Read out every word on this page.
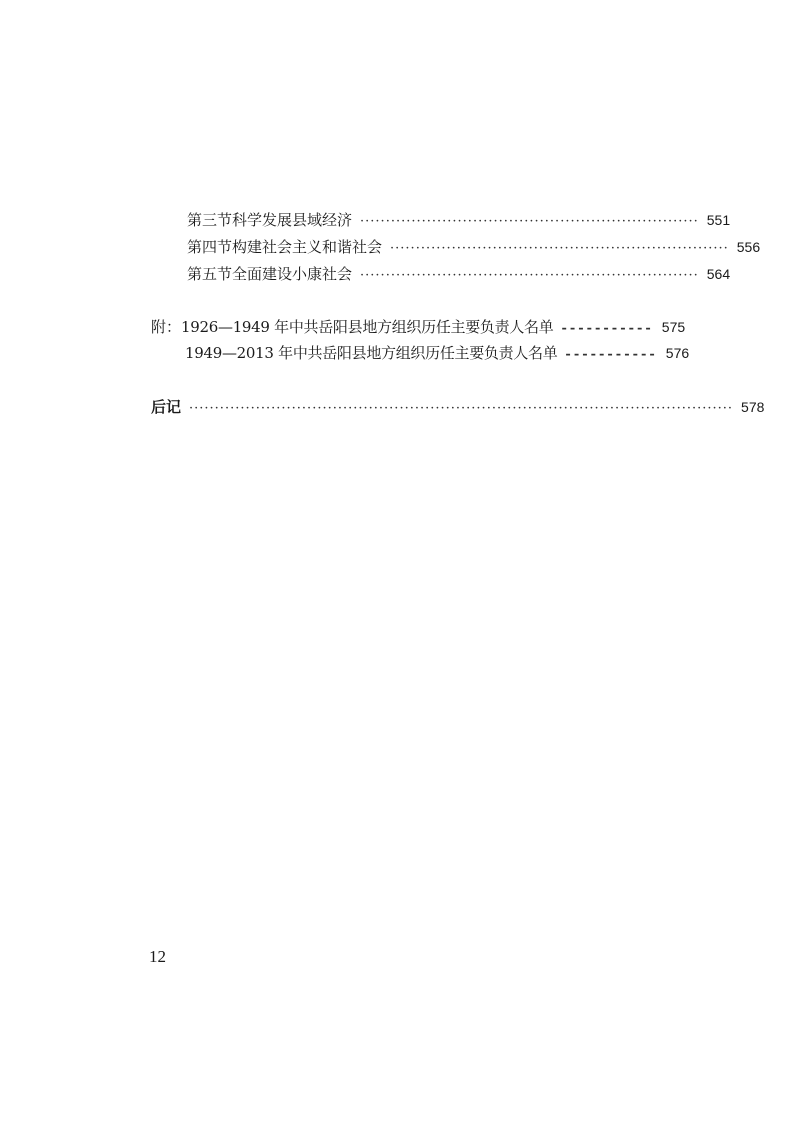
第三节 科学发展县域经济 ·································································· 551
第四节 构建社会主义和谐社会 ·································································· 556
第五节 全面建设小康社会 ·································································· 564
附： 1926—1949 年中共岳阳县地方组织历任主要负责人名单 ----------- 575
1949—2013 年中共岳阳县地方组织历任主要负责人名单 ----------- 576
后记 ·········································································································· 578
12
